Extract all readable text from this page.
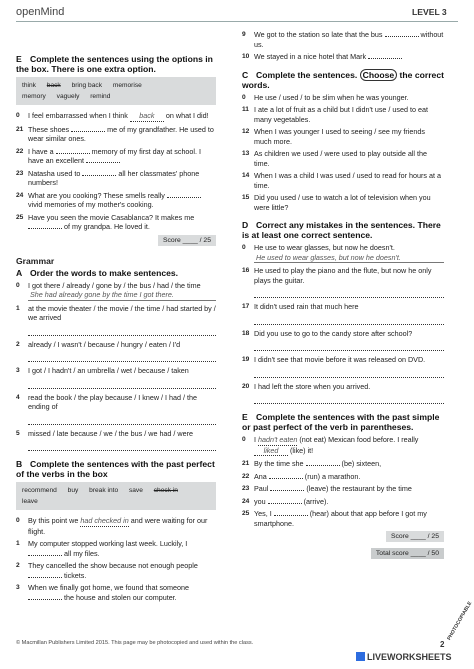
openMind	LEVEL 3
E Complete the sentences using the options in the box. There is one extra option.
think back bring back memorise
memory vaguely remind
0	I feel embarrassed when I think back on what I did!
21 These shoes	me of my grandfather. He used to wear similar ones.
22 I have a	memory of my first day at school. I have an excellent
23 Natasha used to	all her classmates' phone numbers!
24 What are you cooking? These smells really  vivid memories of my mother's cooking.
25 Have you seen the movie Casablanca? It makes me  of my grandpa. He loved it.
Score ____ / 25
Grammar
A Order the words to make sentences.
0	I got there / already / gone by / the bus / had / the time
She had already gone by the time I got there.
1	at the movie theater / the movie / the time / had started by / we arrived
2	already / I wasn't / because / hungry / eaten / I'd
3	I got / I hadn't / an umbrella / wet / because / taken
4	read the book / the play because / I knew / I had / the ending of
5	missed / late because / we / the bus / we had / were
B Complete the sentences with the past perfect of the verbs in the box
recommend buy break into save check in leave
0	By this point we had checked in and were waiting for our flight.
1	My computer stopped working last week. Luckily, I  all my files.
2	They cancelled the show because not enough people  tickets.
3	When we finally got home, we found that someone  the house and stolen our computer.
9	We got to the station so late that the bus	without us.
10 We stayed in a nice hotel that Mark
C Complete the sentences. Choose the correct words.
0	He use / used / to be slim when he was younger.
11 I ate a lot of fruit as a child but I didn't use / used to eat many vegetables.
12 When I was younger I used to seeing / see my friends much more.
13 As children we used / were used to play outside all the time.
14 When I was a child I was used / used to read for hours at a time.
15 Did you used / use to watch a lot of television when you were little?
D Correct any mistakes in the sentences. There is at least one correct sentence.
0	He use to wear glasses, but now he doesn't.
He used to wear glasses, but now he doesn't.
16 He used to play the piano and the flute, but now he only plays the guitar.
17 It didn't used rain that much here
18 Did you use to go to the candy store after school?
19 I didn't see that movie before it was released on DVD.
20 I had left the store when you arrived.
E Complete the sentences with the past simple or past perfect of the verb in parentheses.
0	I hadn't eaten (not eat) Mexican food before. I really liked (like) it!
21 By the time she	(be) sixteen,
22 Ana	(run) a marathon.
23 Paul	(leave) the restaurant by the time
24 you	(arrive).
25 Yes, I	(hear) about that app before I got my smartphone.
Score ____ / 25
Total score ____ / 50
© Macmillan Publishers Limited 2015. This page may be photocopied and used within the class.	2
PHOTOCOPIABLE
LIVEWORKSHEETS
